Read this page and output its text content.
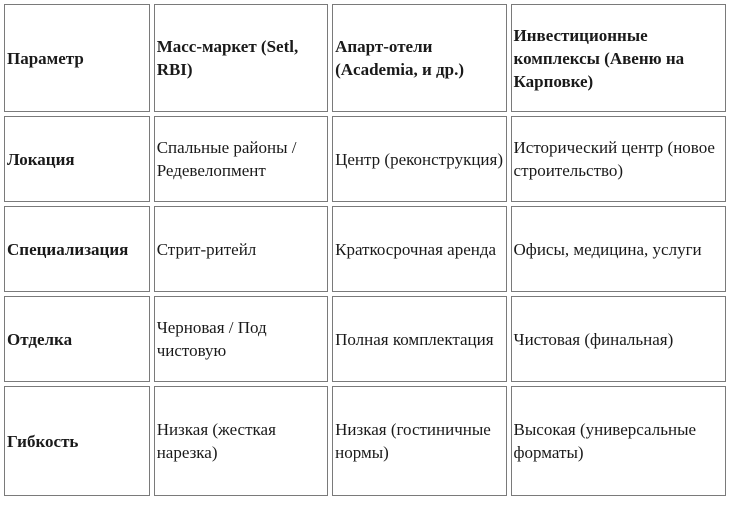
Параметр	Масс-маркет (Setl, RBI)	Апарт-отели (Academia, и др.)	Инвестиционные комплексы (Авеню на Карповке)
Локация	Спальные районы / Редевелопмент	Центр (реконструкция)	Исторический центр (новое строительство)
Специализация	Стрит-ритейл	Краткосрочная аренда	Офисы, медицина, услуги
Отделка	Черновая / Под чистовую	Полная комплектация	Чистовая (финальная)
Гибкость	Низкая (жесткая нарезка)	Низкая (гостиничные нормы)	Высокая (универсальные форматы)
